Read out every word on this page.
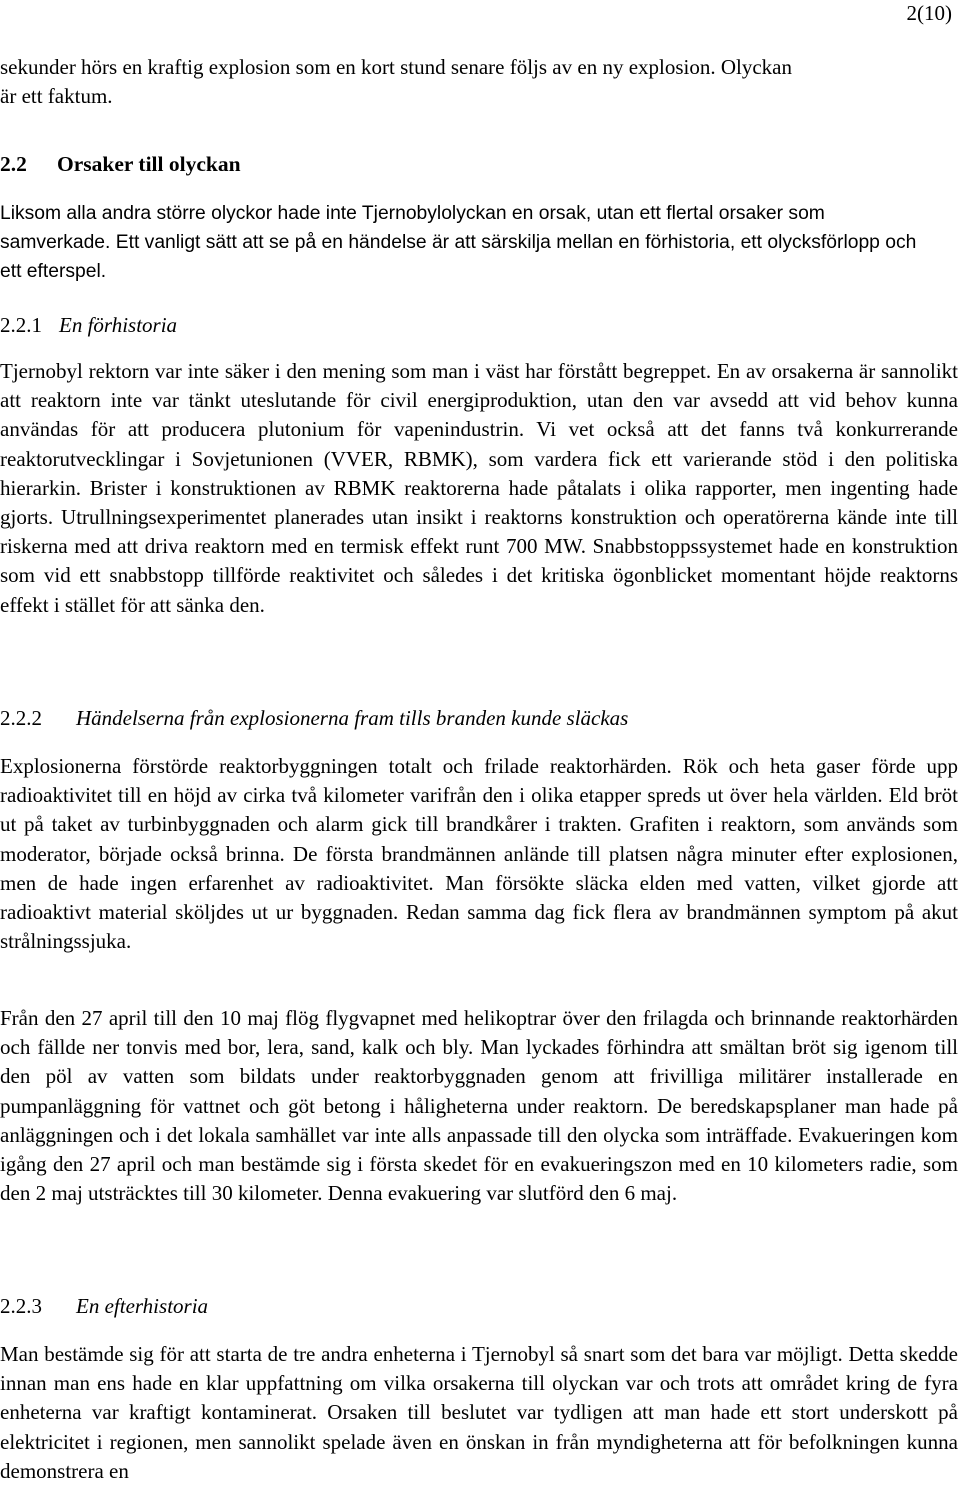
2(10)
sekunder hörs en kraftig explosion som en kort stund senare följs av en ny explosion. Olyckan
är ett faktum.
2.2 Orsaker till olyckan

Liksom alla andra större olyckor hade inte Tjernobylolyckan en orsak, utan ett flertal orsaker som samverkade. Ett vanligt sätt att se på en händelse är att särskilja mellan en förhistoria, ett olycksförlopp och ett efterspel.

2.2.1 En förhistoria

Tjernobyl rektorn var inte säker i den mening som man i väst har förstått begreppet. En av orsakerna är sannolikt att reaktorn inte var tänkt uteslutande för civil energiproduktion, utan den var avsedd att vid behov kunna användas för att producera plutonium för vapenindustrin. Vi vet också att det fanns två konkurrerande reaktorutvecklingar i Sovjetunionen (VVER, RBMK), som vardera fick ett varierande stöd i den politiska hierarkin. Brister i konstruktionen av RBMK reaktorerna hade påtalats i olika rapporter, men ingenting hade gjorts. Utrullningsexperimentet planerades utan insikt i reaktorns konstruktion och operatörerna kände inte till riskerna med att driva reaktorn med en termisk effekt runt 700 MW. Snabbstoppssystemet hade en konstruktion som vid ett snabbstopp tillförde reaktivitet och således i det kritiska ögonblicket momentant höjde reaktorns effekt i stället för att sänka den.

2.2.2 Händelserna från explosionerna fram tills branden kunde släckas

Explosionerna förstörde reaktorbyggningen totalt och frilade reaktorhärden. Rök och heta gaser förde upp radioaktivitet till en höjd av cirka två kilometer varifrån den i olika etapper spreds ut över hela världen. Eld bröt ut på taket av turbinbyggnaden och alarm gick till brandkårer i trakten. Grafiten i reaktorn, som används som moderator, började också brinna. De första brandmännen anlände till platsen några minuter efter explosionen, men de hade ingen erfarenhet av radioaktivitet. Man försökte släcka elden med vatten, vilket gjorde att radioaktivt material sköljdes ut ur byggnaden. Redan samma dag fick flera av brandmännen symptom på akut strålningssjuka.

Från den 27 april till den 10 maj flög flygvapnet med helikoptrar över den frilagda och brinnande reaktorhärden och fällde ner tonvis med bor, lera, sand, kalk och bly. Man lyckades förhindra att smältan bröt sig igenom till den pöl av vatten som bildats under reaktorbyggnaden genom att frivilliga militärer installerade en pumpanläggning för vattnet och göt betong i håligheterna under reaktorn. De beredskapsplaner man hade på anläggningen och i det lokala samhället var inte alls anpassade till den olycka som inträffade. Evakueringen kom igång den 27 april och man bestämde sig i första skedet för en evakueringszon med en 10 kilometers radie, som den 2 maj utsträcktes till 30 kilometer. Denna evakuering var slutförd den 6 maj.

2.2.3 En efterhistoria

Man bestämde sig för att starta de tre andra enheterna i Tjernobyl så snart som det bara var möjligt. Detta skedde innan man ens hade en klar uppfattning om vilka orsakerna till olyckan var och trots att området kring de fyra enheterna var kraftigt kontaminerat. Orsaken till beslutet var tydligen att man hade ett stort underskott på elektricitet i regionen, men sannolikt spelade även en önskan in från myndigheterna att för befolkningen kunna demonstrera en
